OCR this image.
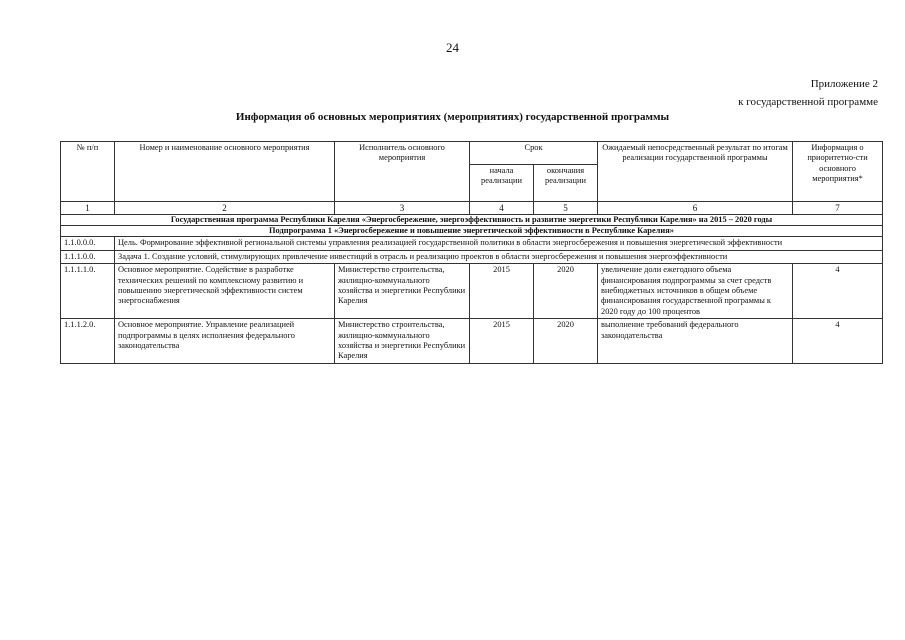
24
Приложение 2
к государственной программе
Информация об основных мероприятиях (мероприятиях) государственной программы
№ п/п	Номер и наименование основного мероприятия	Исполнитель основного мероприятия	Срок		Ожидаемый непосредственный результат по итогам реализации государственной программы	Информация о приоритетно-сти основного мероприятия*
			начала реализации	окончания реализации		
1	2	3	4	5	6	7
Государственная программа Республики Карелия «Энергосбережение, энергоэффективность и развитие энергетики Республики Карелия» на 2015 – 2020 годы						
Подпрограмма 1 «Энергосбережение и повышение энергетической эффективности в Республике Карелия»						
1.1.0.0.0.	Цель. Формирование эффективной региональной системы управления реализацией государственной политики в области энергосбережения и повышения энергетической эффективности					
1.1.1.0.0.	Задача 1. Создание условий, стимулирующих привлечение инвестиций в отрасль и реализацию проектов в области энергосбережения и повышения энергоэффективности					
1.1.1.1.0.	Основное мероприятие. Содействие в разработке технических решений по комплексному развитию и повышению энергетической эффективности систем энергоснабжения	Министерство строительства, жилищно-коммунального хозяйства и энергетики Республики Карелия	2015	2020	увеличение доли ежегодного объема финансирования подпрограммы за счет средств внебюджетных источников в общем объеме финансирования государственной программы к 2020 году до 100 процентов	4
1.1.1.2.0.	Основное мероприятие. Управление реализацией подпрограммы в целях исполнения федерального законодательства	Министерство строительства, жилищно-коммунального хозяйства и энергетики Республики Карелия	2015	2020	выполнение требований федерального законодательства	4
